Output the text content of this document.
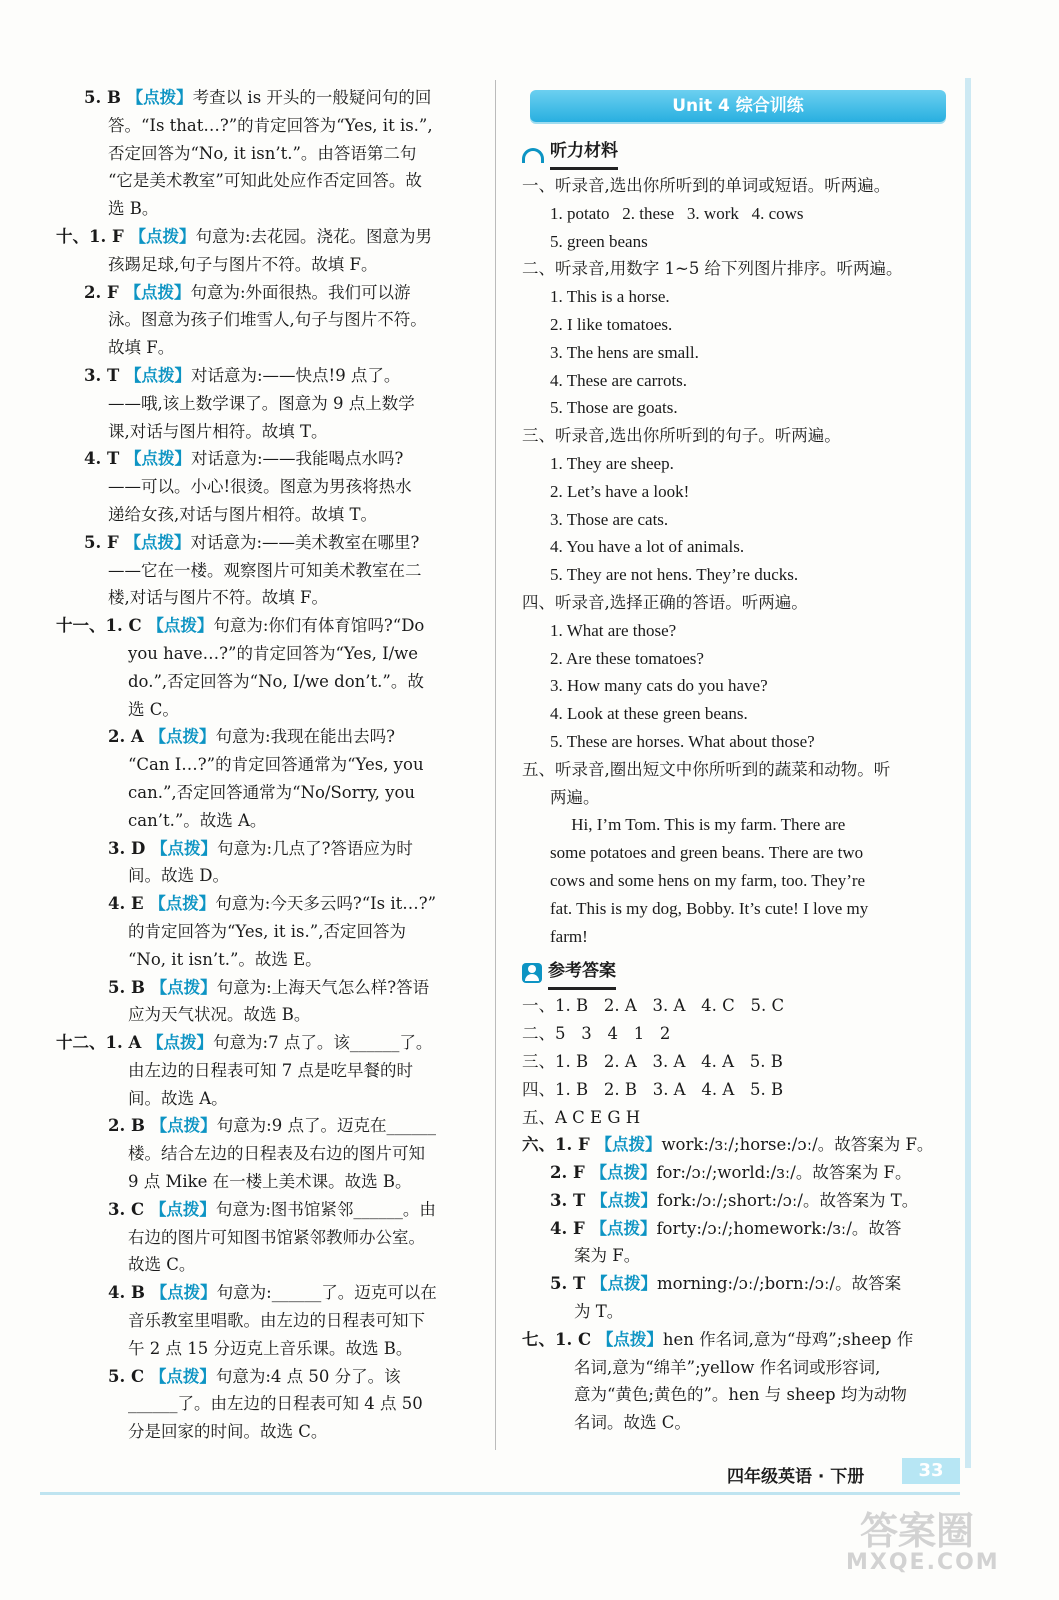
5. B 【点拨】考查以 is 开头的一般疑问句的回
答。“Is that…?”的肯定回答为“Yes, it is.”,
否定回答为“No, it isn’t.”。由答语第二句
“它是美术教室”可知此处应作否定回答。故
选 B。
十、1. F 【点拨】句意为:去花园。浇花。图意为男
孩踢足球,句子与图片不符。故填 F。
2. F 【点拨】句意为:外面很热。我们可以游
泳。图意为孩子们堆雪人,句子与图片不符。
故填 F。
3. T 【点拨】对话意为:——快点!9 点了。
——哦,该上数学课了。图意为 9 点上数学
课,对话与图片相符。故填 T。
4. T 【点拨】对话意为:——我能喝点水吗?
——可以。小心!很烫。图意为男孩将热水
递给女孩,对话与图片相符。故填 T。
5. F 【点拨】对话意为:——美术教室在哪里?
——它在一楼。观察图片可知美术教室在二
楼,对话与图片不符。故填 F。
十一、1. C 【点拨】句意为:你们有体育馆吗?“Do
you have…?”的肯定回答为“Yes, I/we
do.”,否定回答为“No, I/we don’t.”。故
选 C。
2. A 【点拨】句意为:我现在能出去吗?
“Can I…?”的肯定回答通常为“Yes, you
can.”,否定回答通常为“No/Sorry, you
can’t.”。故选 A。
3. D 【点拨】句意为:几点了?答语应为时
间。故选 D。
4. E 【点拨】句意为:今天多云吗?“Is it…?”
的肯定回答为“Yes, it is.”,否定回答为
“No, it isn’t.”。故选 E。
5. B 【点拨】句意为:上海天气怎么样?答语
应为天气状况。故选 B。
十二、1. A 【点拨】句意为:7 点了。该______了。
由左边的日程表可知 7 点是吃早餐的时
间。故选 A。
2. B 【点拨】句意为:9 点了。迈克在______
楼。结合左边的日程表及右边的图片可知
9 点 Mike 在一楼上美术课。故选 B。
3. C 【点拨】句意为:图书馆紧邻______。由
右边的图片可知图书馆紧邻教师办公室。
故选 C。
4. B 【点拨】句意为:______了。迈克可以在
音乐教室里唱歌。由左边的日程表可知下
午 2 点 15 分迈克上音乐课。故选 B。
5. C 【点拨】句意为:4 点 50 分了。该
______了。由左边的日程表可知 4 点 50
分是回家的时间。故选 C。
Unit 4 综合训练
听力材料
一、听录音,选出你所听到的单词或短语。听两遍。
1. potato   2. these   3. work   4. cows
5. green beans
二、听录音,用数字 1~5 给下列图片排序。听两遍。
1. This is a horse.
2. I like tomatoes.
3. The hens are small.
4. These are carrots.
5. Those are goats.
三、听录音,选出你所听到的句子。听两遍。
1. They are sheep.
2. Let’s have a look!
3. Those are cats.
4. You have a lot of animals.
5. They are not hens. They’re ducks.
四、听录音,选择正确的答语。听两遍。
1. What are those?
2. Are these tomatoes?
3. How many cats do you have?
4. Look at these green beans.
5. These are horses. What about those?
五、听录音,圈出短文中你所听到的蔬菜和动物。听
两遍。
Hi, I’m Tom. This is my farm. There are
some potatoes and green beans. There are two
cows and some hens on my farm, too. They’re
fat. This is my dog, Bobby. It’s cute! I love my
farm!
参考答案
一、1. B   2. A   3. A   4. C   5. C
二、5   3   4   1   2
三、1. B   2. A   3. A   4. A   5. B
四、1. B   2. B   3. A   4. A   5. B
五、A C E G H
六、1. F 【点拨】work:/ɜː/;horse:/ɔː/。故答案为 F。
2. F 【点拨】for:/ɔː/;world:/ɜː/。故答案为 F。
3. T 【点拨】fork:/ɔː/;short:/ɔː/。故答案为 T。
4. F 【点拨】forty:/ɔː/;homework:/ɜː/。故答
案为 F。
5. T 【点拨】morning:/ɔː/;born:/ɔː/。故答案
为 T。
七、1. C 【点拨】hen 作名词,意为“母鸡”;sheep 作
名词,意为“绵羊”;yellow 作名词或形容词,
意为“黄色;黄色的”。hen 与 sheep 均为动物
名词。故选 C。
四年级英语 · 下册	33
答案圈
MXQE.COM
